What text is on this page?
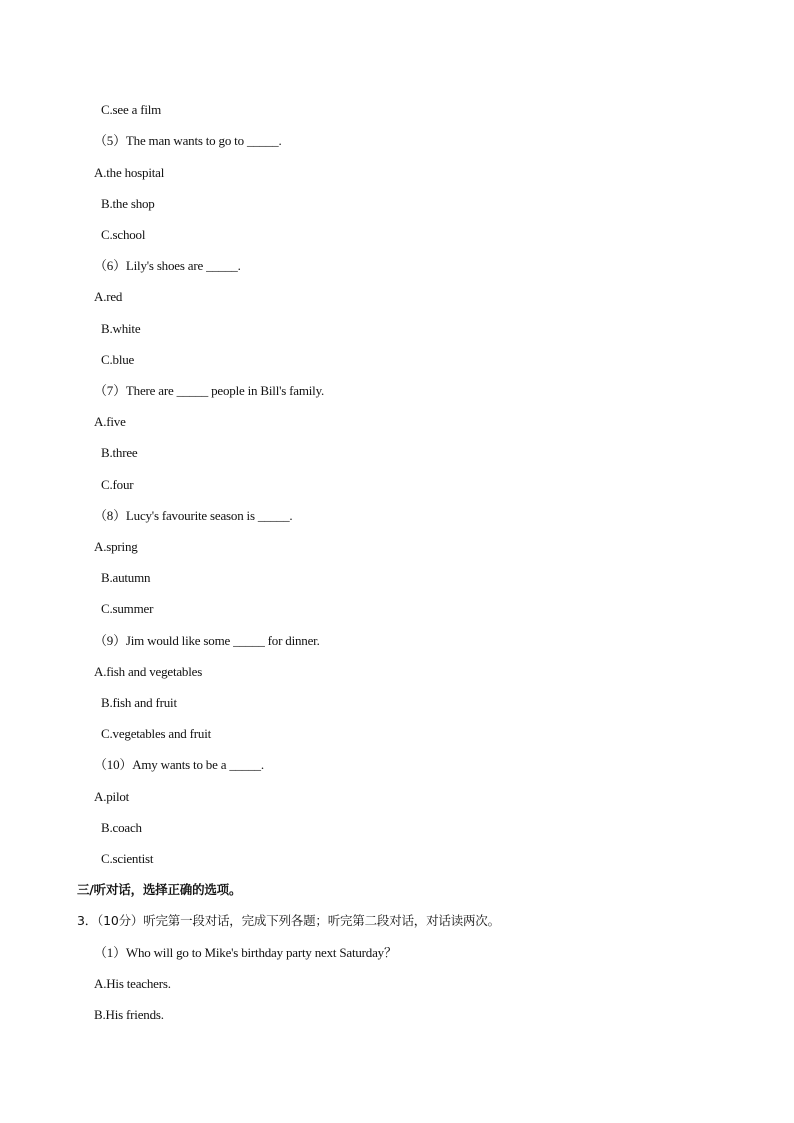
C.see a film
（5）The man wants to go to _____.
A.the hospital
B.the shop
C.school
（6）Lily's shoes are _____.
A.red
B.white
C.blue
（7）There are _____ people in Bill's family.
A.five
B.three
C.four
（8）Lucy's favourite season is _____.
A.spring
B.autumn
C.summer
（9）Jim would like some _____ for dinner.
A.fish and vegetables
B.fish and fruit
C.vegetables and fruit
（10）Amy wants to be a _____.
A.pilot
B.coach
C.scientist
三/听对话，选择正确的选项。
3．（10分）听完第一段对话，完成下列各题；听完第二段对话，对话读两次。
（1）Who will go to Mike's birthday party next Saturday？
A.His teachers.
B.His friends.
